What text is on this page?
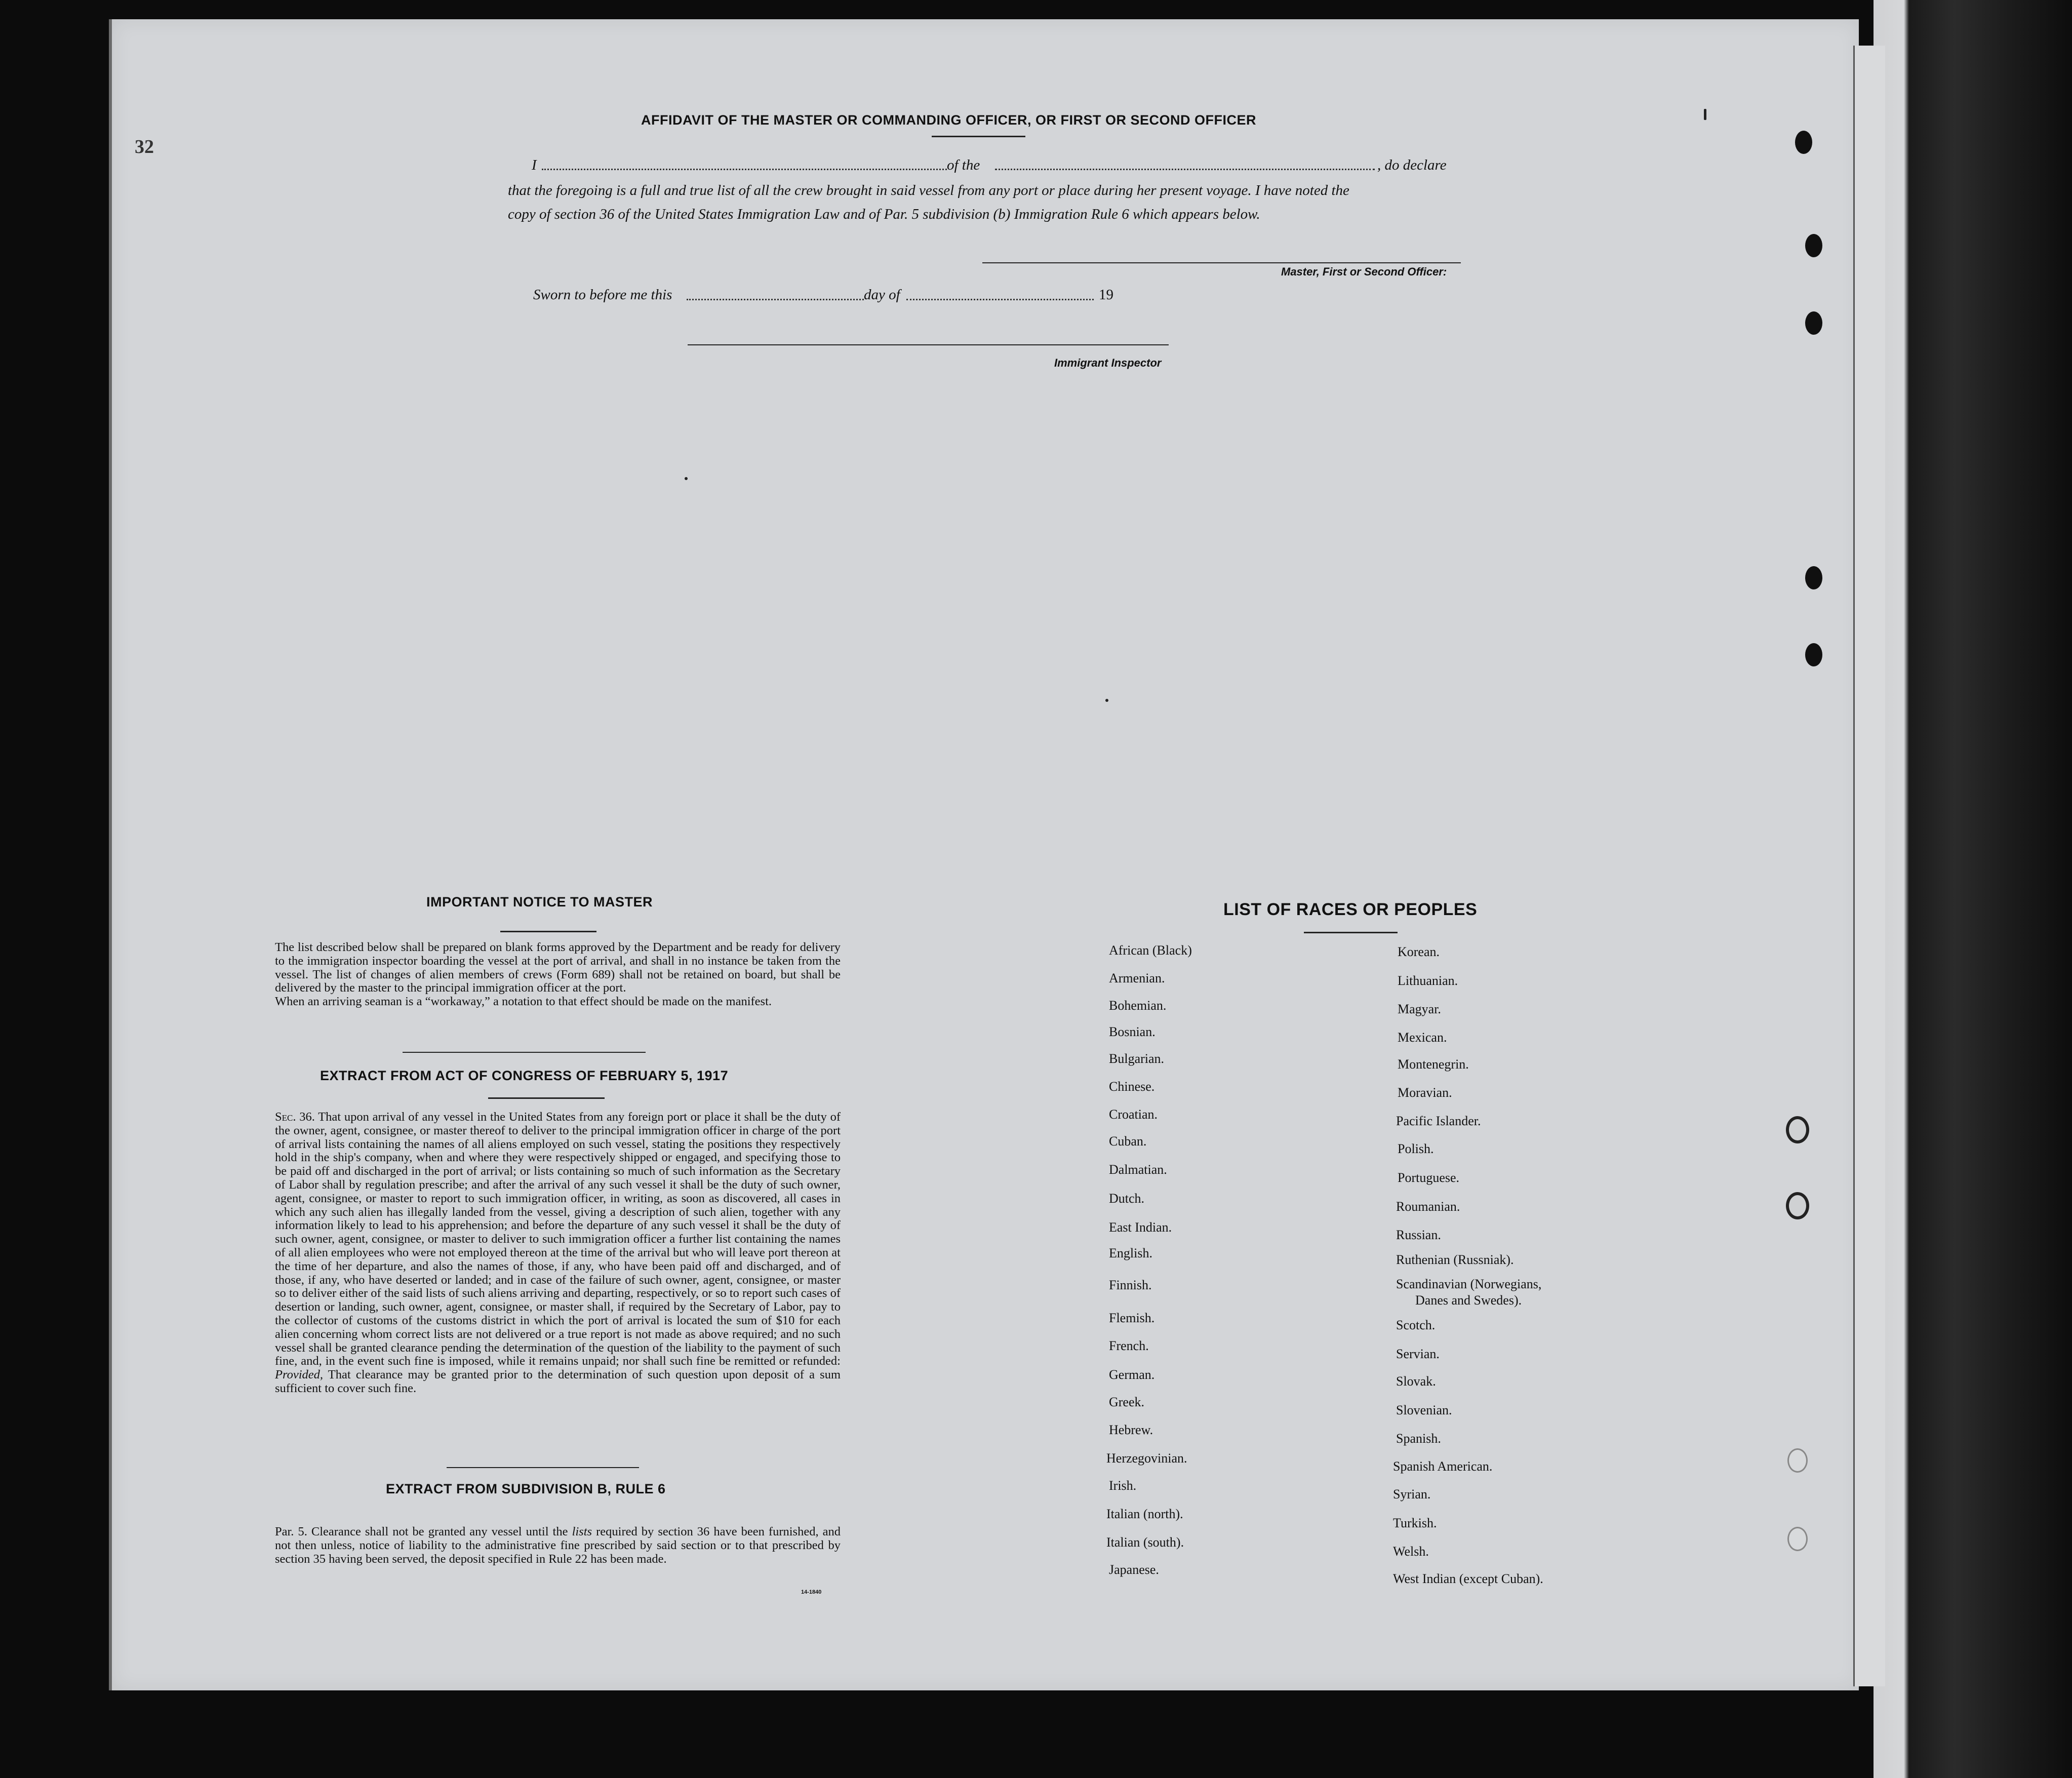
32
AFFIDAVIT OF THE MASTER OR COMMANDING OFFICER, OR FIRST OR SECOND OFFICER
I	of the	, do declare
that the foregoing is a full and true list of all the crew brought in said vessel from any port or place during her present voyage. I have noted the
copy of section 36 of the United States Immigration Law and of Par. 5 subdivision (b) Immigration Rule 6 which appears below.
Master, First or Second Officer:
Sworn to before me this	day of	19
Immigrant Inspector
IMPORTANT NOTICE TO MASTER
The list described below shall be prepared on blank forms approved by the Department and be ready for delivery to the immigration inspector boarding the vessel at the port of arrival, and shall in no instance be taken from the vessel. The list of changes of alien members of crews (Form 689) shall not be retained on board, but shall be delivered by the master to the principal immigration officer at the port.
When an arriving seaman is a “workaway,” a notation to that effect should be made on the manifest.
EXTRACT FROM ACT OF CONGRESS OF FEBRUARY 5, 1917
Sec. 36. That upon arrival of any vessel in the United States from any foreign port or place it shall be the duty of the owner, agent, consignee, or master thereof to deliver to the principal immigration officer in charge of the port of arrival lists containing the names of all aliens employed on such vessel, stating the positions they respectively hold in the ship's company, when and where they were respectively shipped or engaged, and specifying those to be paid off and discharged in the port of arrival; or lists containing so much of such information as the Secretary of Labor shall by regulation prescribe; and after the arrival of any such vessel it shall be the duty of such owner, agent, consignee, or master to report to such immigration officer, in writing, as soon as discovered, all cases in which any such alien has illegally landed from the vessel, giving a description of such alien, together with any information likely to lead to his apprehension; and before the departure of any such vessel it shall be the duty of such owner, agent, consignee, or master to deliver to such immigration officer a further list containing the names of all alien employees who were not employed thereon at the time of the arrival but who will leave port thereon at the time of her departure, and also the names of those, if any, who have been paid off and discharged, and of those, if any, who have deserted or landed; and in case of the failure of such owner, agent, consignee, or master so to deliver either of the said lists of such aliens arriving and departing, respectively, or so to report such cases of desertion or landing, such owner, agent, consignee, or master shall, if required by the Secretary of Labor, pay to the collector of customs of the customs district in which the port of arrival is located the sum of $10 for each alien concerning whom correct lists are not delivered or a true report is not made as above required; and no such vessel shall be granted clearance pending the determination of the question of the liability to the payment of such fine, and, in the event such fine is imposed, while it remains unpaid; nor shall such fine be remitted or refunded: Provided, That clearance may be granted prior to the determination of such question upon deposit of a sum sufficient to cover such fine.
EXTRACT FROM SUBDIVISION B, RULE 6
Par. 5. Clearance shall not be granted any vessel until the lists required by section 36 have been furnished, and not then unless, notice of liability to the administrative fine prescribed by said section or to that prescribed by section 35 having been served, the deposit specified in Rule 22 has been made.
14-1840
LIST OF RACES OR PEOPLES
African (Black)
Armenian.
Bohemian.
Bosnian.
Bulgarian.
Chinese.
Croatian.
Cuban.
Dalmatian.
Dutch.
East Indian.
English.
Finnish.
Flemish.
French.
German.
Greek.
Hebrew.
Herzegovinian.
Irish.
Italian (north).
Italian (south).
Japanese.
Korean.
Lithuanian.
Magyar.
Mexican.
Montenegrin.
Moravian.
Pacific Islander.
Polish.
Portuguese.
Roumanian.
Russian.
Ruthenian (Russniak).
Scandinavian (Norwegians,
Danes and Swedes).
Scotch.
Servian.
Slovak.
Slovenian.
Spanish.
Spanish American.
Syrian.
Turkish.
Welsh.
West Indian (except Cuban).
